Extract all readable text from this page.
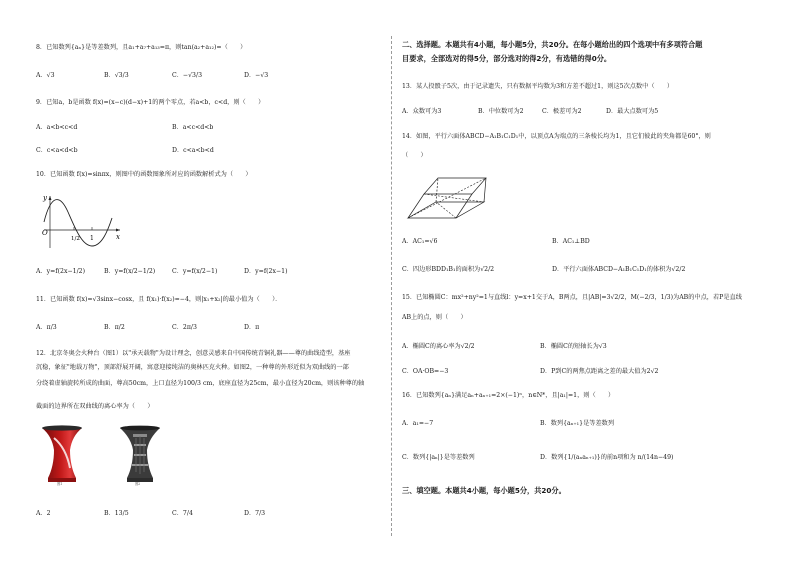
8．已知数列{aₙ}是等差数列，且a₁+a₇+a₁₃=π，则tan(a₂+a₁₂)=（　　）
A．√3	B．√3/3	C．−√3/3	D．−√3
9．已知a，b是函数 f(x)=(x−c)(d−x)+1的两个零点，若a<b，c<d，则（　　）
A．a<b<c<d	B．a<c<d<b
C．c<a<d<b	D．c<a<b<d
10．已知函数 f(x)=sinπx，则图中的函数图象所对应的函数解析式为（　　）
O
y
x
1/2 1
A．y=f(2x−1/2)	B．y=f(x/2−1/2)	C．y=f(x/2−1)	D．y=f(2x−1)
11．已知函数 f(x)=√3sinx−cosx，且 f(x₁)·f(x₂)=−4，则|x₁+x₂|的最小值为（　　）．
A．π/3	B．π/2	C．2π/3	D．π
12．北京冬奥会火种台（图1）以"承天载物"为设计理念，创意灵感来自中国传统青铜礼器——尊的曲线造型，基座
沉稳，象征"地载万物"，顶部舒展开阔，寓意迎接纯洁的奥林匹克火种。如图2，一种尊的外形近似为双曲线的一部
分绕着虚轴旋转所成的曲面，尊高50cm，上口直径为100/3 cm，底座直径为25cm，最小直径为20cm，则该种尊的轴
截面的边界所在双曲线的离心率为（　　）
图1	图2
A．2	B．13/5	C．7/4	D．7/3
二、选择题。本题共有4小题，每小题5分，共20分。在每小题给出的四个选项中有多项符合题
目要求，全部选对的得5分，部分选对的得2分，有选错的得0分。
13．某人投骰子5次，由于记录遗失，只有数据平均数为3和方差不超过1，则这5次点数中（　　）
A．众数可为3	B．中位数可为2	C．极差可为2	D．最大点数可为5
14．如图，平行六面体ABCD−A₁B₁C₁D₁中，以顶点A为端点的三条棱长均为1，且它们彼此的夹角都是60°，则
（　　）
A．AC₁=√6	B．AC₁⊥BD
C．四边形BDD₁B₁的面积为√2/2	D．平行六面体ABCD−A₁B₁C₁D₁的体积为√2/2
15．已知椭圆C：mx²+ny²=1与直线l：y=x+1交于A，B两点，且|AB|=3√2/2，M(−2/3，1/3)为AB的中点，若P是直线
AB上的点，则（　　）
A．椭圆C的离心率为√2/2	B．椭圆C的短轴长为√3
C．OA·OB=−3	D．P到C的两焦点距离之差的最大值为2√2
16．已知数列{aₙ}满足aₙ+aₙ₊₁=2×(−1)ⁿ，n∈N*，且|a₁|=1，则（　　）
A．a₁=−7	B．数列{aₙ₊₁}是等差数列
C．数列{|aₙ|}是等差数列	D．数列{1/(aₙaₙ₊₁)}的前n项和为 n/(14n−49)
三、填空题。本题共4小题，每小题5分，共20分。
